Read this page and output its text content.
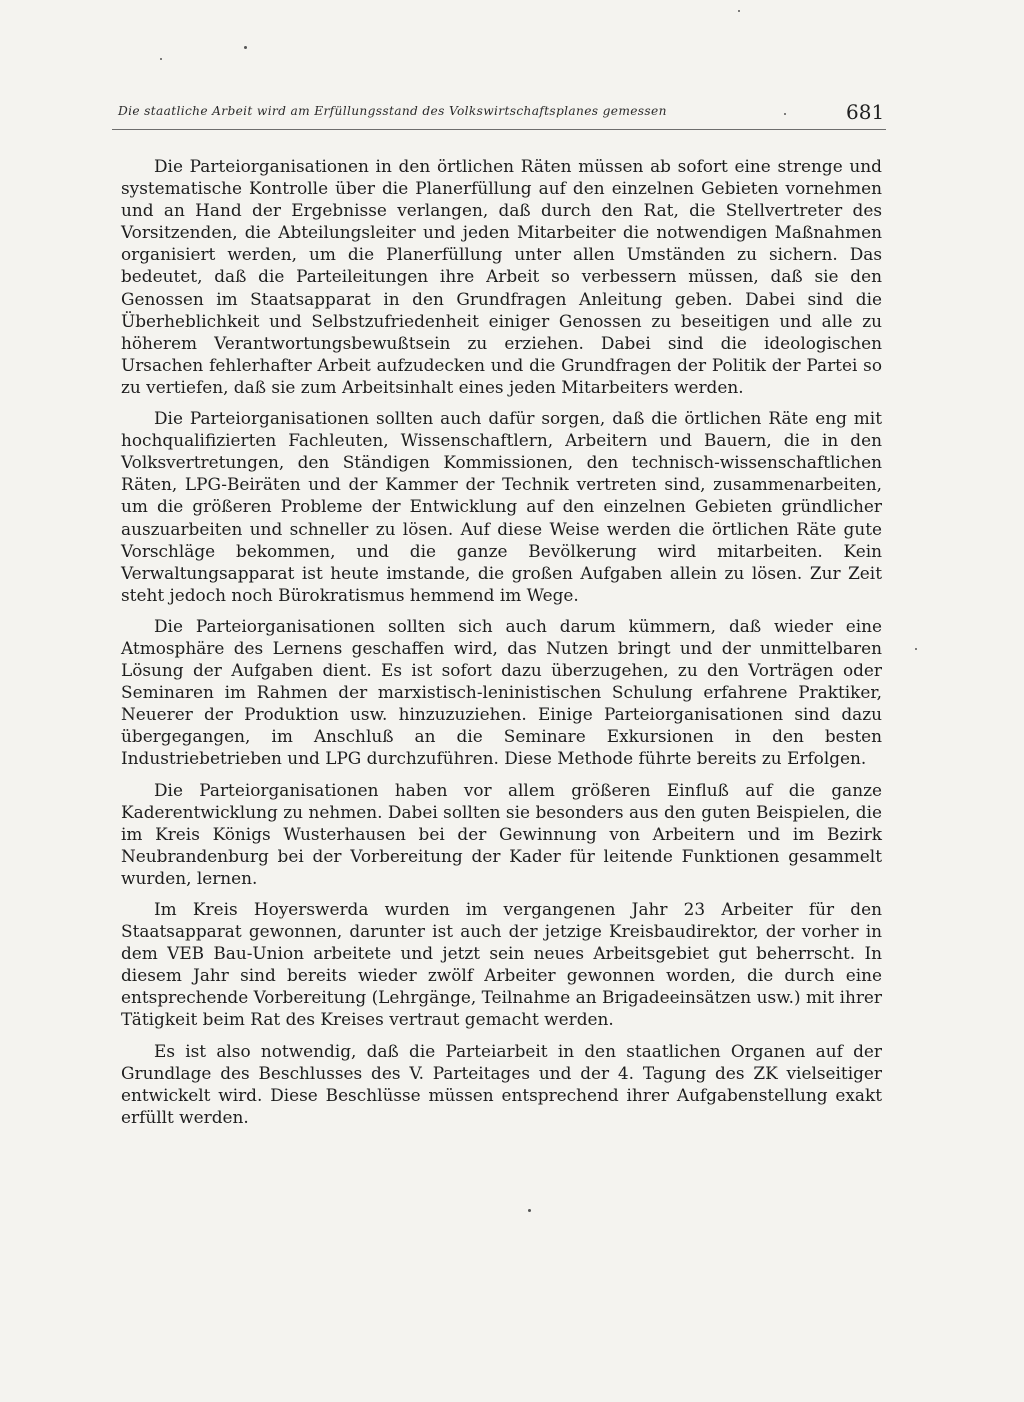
Die staatliche Arbeit wird am Erfüllungsstand des Volkswirtschaftsplanes gemessen	681

Die Parteiorganisationen in den örtlichen Räten müssen ab sofort eine strenge und systematische Kontrolle über die Planerfüllung auf den einzelnen Gebieten vornehmen und an Hand der Ergebnisse verlangen, daß durch den Rat, die Stellvertreter des Vorsitzenden, die Abteilungsleiter und jeden Mitarbeiter die notwendigen Maßnahmen organisiert werden, um die Planerfüllung unter allen Umständen zu sichern. Das bedeutet, daß die Parteileitungen ihre Arbeit so verbessern müssen, daß sie den Genossen im Staatsapparat in den Grundfragen Anleitung geben. Dabei sind die Überheblichkeit und Selbstzufriedenheit einiger Genossen zu beseitigen und alle zu höherem Verantwortungsbewußtsein zu erziehen. Dabei sind die ideologischen Ursachen fehlerhafter Arbeit aufzudecken und die Grundfragen der Politik der Partei so zu vertiefen, daß sie zum Arbeitsinhalt eines jeden Mitarbeiters werden.

Die Parteiorganisationen sollten auch dafür sorgen, daß die örtlichen Räte eng mit hochqualifizierten Fachleuten, Wissenschaftlern, Arbeitern und Bauern, die in den Volksvertretungen, den Ständigen Kommissionen, den technisch-wissenschaftlichen Räten, LPG-Beiräten und der Kammer der Technik vertreten sind, zusammenarbeiten, um die größeren Probleme der Entwicklung auf den einzelnen Gebieten gründlicher auszuarbeiten und schneller zu lösen. Auf diese Weise werden die örtlichen Räte gute Vorschläge bekommen, und die ganze Bevölkerung wird mitarbeiten. Kein Verwaltungsapparat ist heute imstande, die großen Aufgaben allein zu lösen. Zur Zeit steht jedoch noch Bürokratismus hemmend im Wege.

Die Parteiorganisationen sollten sich auch darum kümmern, daß wieder eine Atmosphäre des Lernens geschaffen wird, das Nutzen bringt und der unmittelbaren Lösung der Aufgaben dient. Es ist sofort dazu überzugehen, zu den Vorträgen oder Seminaren im Rahmen der marxistisch-leninistischen Schulung erfahrene Praktiker, Neuerer der Produktion usw. hinzuzuziehen. Einige Parteiorganisationen sind dazu übergegangen, im Anschluß an die Seminare Exkursionen in den besten Industriebetrieben und LPG durchzuführen. Diese Methode führte bereits zu Erfolgen.

Die Parteiorganisationen haben vor allem größeren Einfluß auf die ganze Kaderentwicklung zu nehmen. Dabei sollten sie besonders aus den guten Beispielen, die im Kreis Königs Wusterhausen bei der Gewinnung von Arbeitern und im Bezirk Neubrandenburg bei der Vorbereitung der Kader für leitende Funktionen gesammelt wurden, lernen.

Im Kreis Hoyerswerda wurden im vergangenen Jahr 23 Arbeiter für den Staatsapparat gewonnen, darunter ist auch der jetzige Kreisbaudirektor, der vorher in dem VEB Bau-Union arbeitete und jetzt sein neues Arbeitsgebiet gut beherrscht. In diesem Jahr sind bereits wieder zwölf Arbeiter gewonnen worden, die durch eine entsprechende Vorbereitung (Lehrgänge, Teilnahme an Brigadeeinsätzen usw.) mit ihrer Tätigkeit beim Rat des Kreises vertraut gemacht werden.

Es ist also notwendig, daß die Parteiarbeit in den staatlichen Organen auf der Grundlage des Beschlusses des V. Parteitages und der 4. Tagung des ZK vielseitiger entwickelt wird. Diese Beschlüsse müssen entsprechend ihrer Aufgabenstellung exakt erfüllt werden.
